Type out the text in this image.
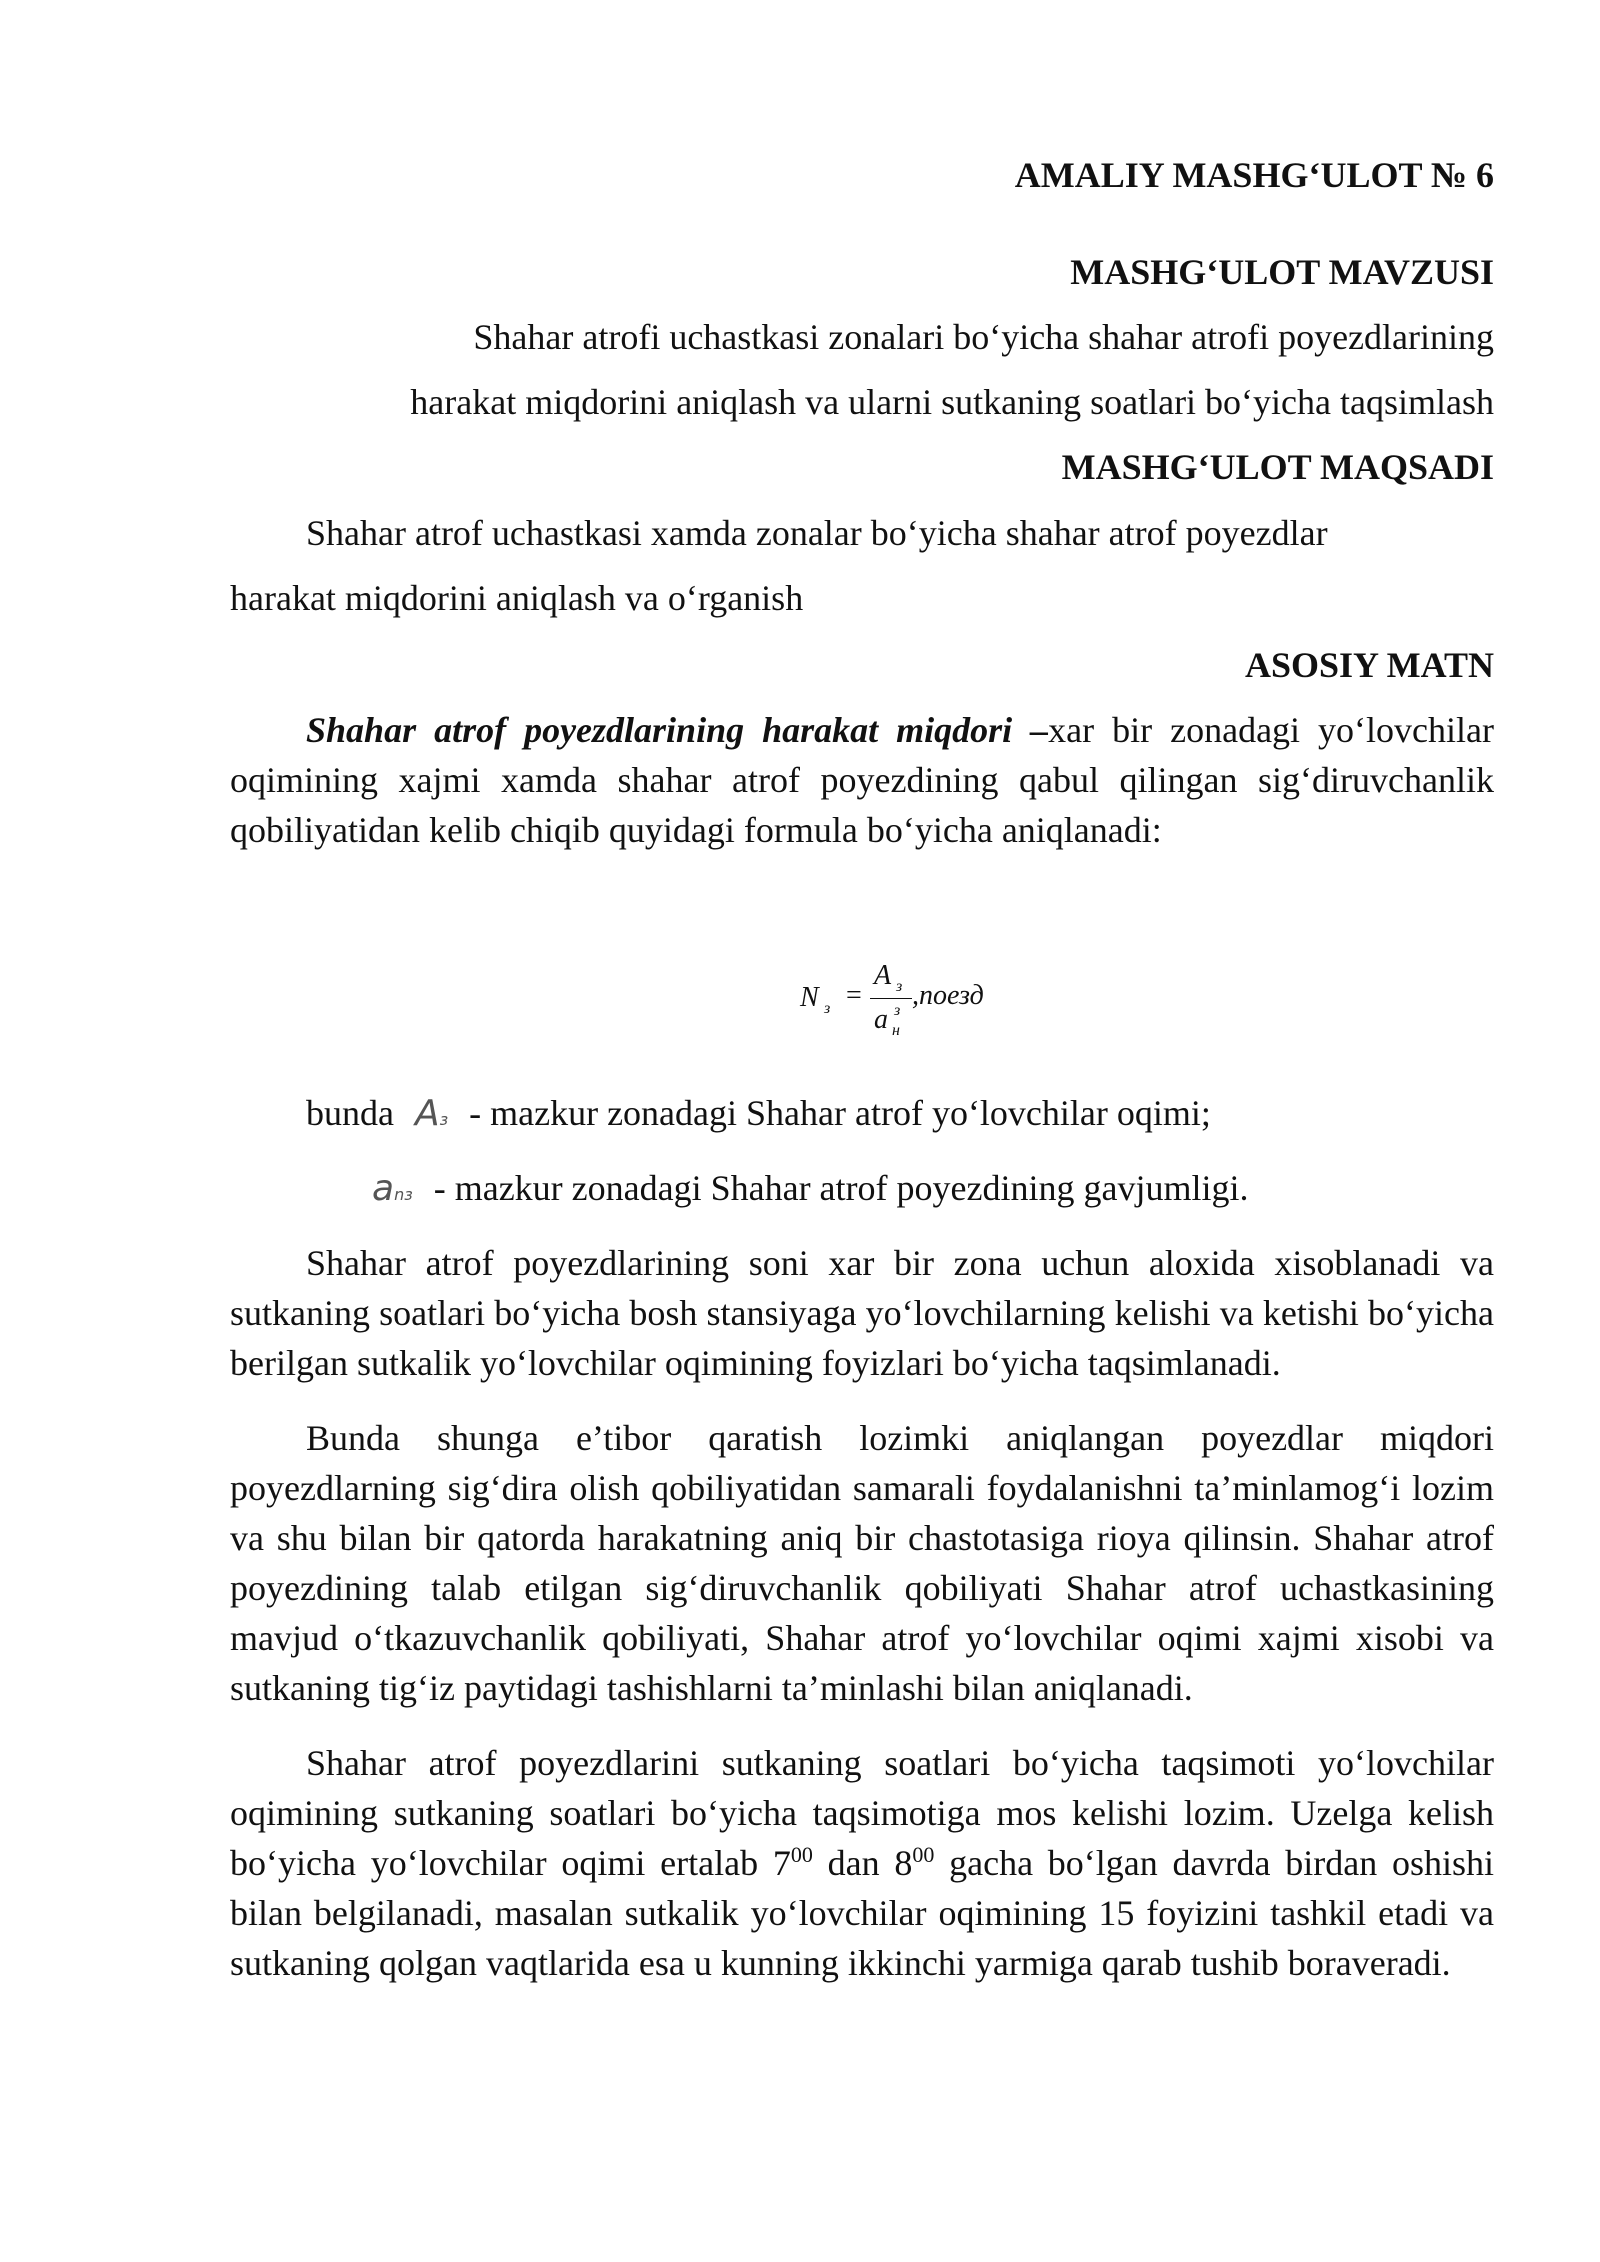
AMALIY MASHG‘ULOT № 6
MASHG‘ULOT MAVZUSI
Shahar atrofi uchastkasi zonalari bo‘yicha shahar atrofi poyezdlarining
harakat miqdorini aniqlash va ularni sutkaning soatlari bo‘yicha taqsimlash
MASHG‘ULOT MAQSADI
Shahar atrof uchastkasi xamda zonalar bo‘yicha shahar atrof poyezdlar
harakat miqdorini aniqlash va o‘rganish
ASOSIY MATN
Shahar atrof poyezdlarining harakat miqdori –xar bir zonadagi yo‘lovchilar oqimining xajmi xamda shahar atrof poyezdining qabul qilingan sig‘diruvchanlik qobiliyatidan kelib chiqib quyidagi formula bo‘yicha aniqlanadi:
N з =
A з
a з
н
,поезд
bunda Aз - mazkur zonadagi Shahar atrof yo‘lovchilar oqimi;
anз - mazkur zonadagi Shahar atrof poyezdining gavjumligi.
Shahar atrof poyezdlarining soni xar bir zona uchun aloxida xisoblanadi va sutkaning soatlari bo‘yicha bosh stansiyaga yo‘lovchilarning kelishi va ketishi bo‘yicha berilgan sutkalik yo‘lovchilar oqimining foyizlari bo‘yicha taqsimlanadi.
Bunda shunga e’tibor qaratish lozimki aniqlangan poyezdlar miqdori poyezdlarning sig‘dira olish qobiliyatidan samarali foydalanishni ta’minlamog‘i lozim va shu bilan bir qatorda harakatning aniq bir chastotasiga rioya qilinsin. Shahar atrof poyezdining talab etilgan sig‘diruvchanlik qobiliyati Shahar atrof uchastkasining mavjud o‘tkazuvchanlik qobiliyati, Shahar atrof yo‘lovchilar oqimi xajmi xisobi va sutkaning tig‘iz paytidagi tashishlarni ta’minlashi bilan aniqlanadi.
Shahar atrof poyezdlarini sutkaning soatlari bo‘yicha taqsimoti yo‘lovchilar oqimining sutkaning soatlari bo‘yicha taqsimotiga mos kelishi lozim. Uzelga kelish bo‘yicha yo‘lovchilar oqimi ertalab $7^{00}$ dan $8^{00}$ gacha bo‘lgan davrda birdan oshishi bilan belgilanadi, masalan sutkalik yo‘lovchilar oqimining 15 foyizini tashkil etadi va sutkaning qolgan vaqtlarida esa u kunning ikkinchi yarmiga qarab tushib boraveradi.
